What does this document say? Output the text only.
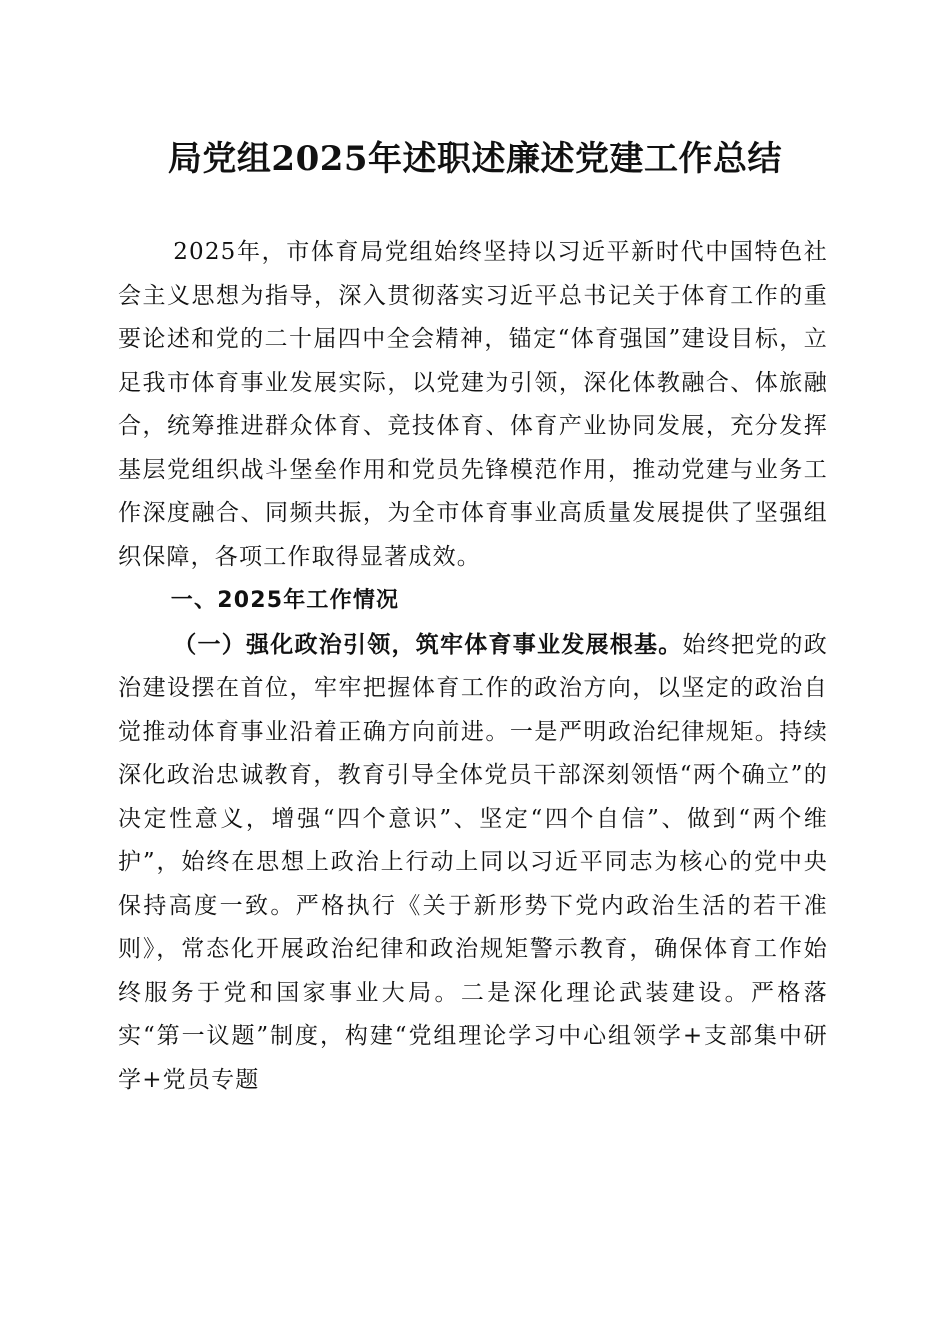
局党组2025年述职述廉述党建工作总结

2025年，市体育局党组始终坚持以习近平新时代中国特色社会主义思想为指导，深入贯彻落实习近平总书记关于体育工作的重要论述和党的二十届四中全会精神，锚定“体育强国”建设目标，立足我市体育事业发展实际，以党建为引领，深化体教融合、体旅融合，统筹推进群众体育、竞技体育、体育产业协同发展，充分发挥基层党组织战斗堡垒作用和党员先锋模范作用，推动党建与业务工作深度融合、同频共振，为全市体育事业高质量发展提供了坚强组织保障，各项工作取得显著成效。

一、2025年工作情况

（一）强化政治引领，筑牢体育事业发展根基。始终把党的政治建设摆在首位，牢牢把握体育工作的政治方向，以坚定的政治自觉推动体育事业沿着正确方向前进。一是严明政治纪律规矩。持续深化政治忠诚教育，教育引导全体党员干部深刻领悟“两个确立”的决定性意义，增强“四个意识”、坚定“四个自信”、做到“两个维护”，始终在思想上政治上行动上同以习近平同志为核心的党中央保持高度一致。严格执行《关于新形势下党内政治生活的若干准则》，常态化开展政治纪律和政治规矩警示教育，确保体育工作始终服务于党和国家事业大局。二是深化理论武装建设。严格落实“第一议题”制度，构建“党组理论学习中心组领学+支部集中研学+党员专题
